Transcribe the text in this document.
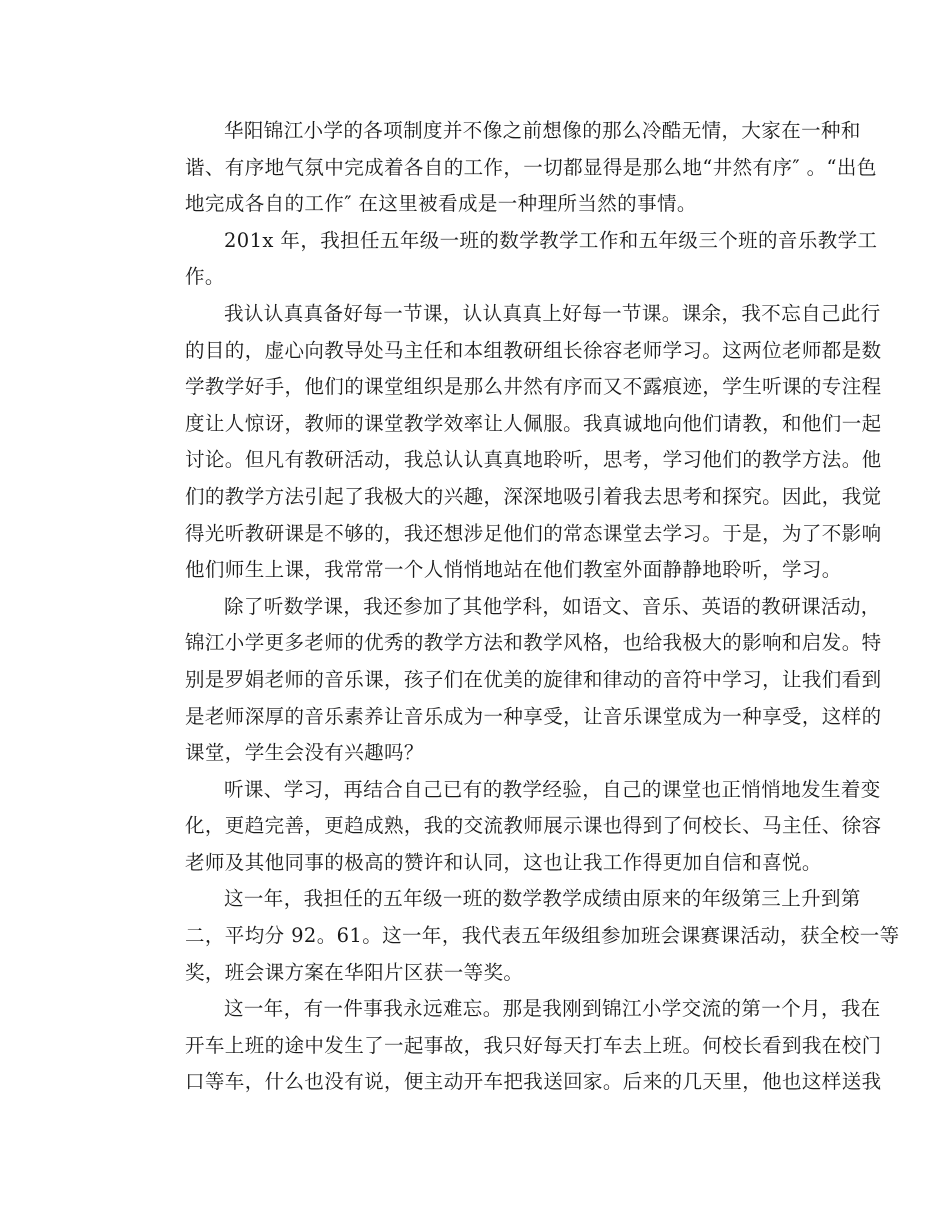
华阳锦江小学的各项制度并不像之前想像的那么冷酷无情，大家在一种和
谐、有序地气氛中完成着各自的工作，一切都显得是那么地“井然有序″ 。“出色
地完成各自的工作″ 在这里被看成是一种理所当然的事情。
201x 年，我担任五年级一班的数学教学工作和五年级三个班的音乐教学工
作。
我认认真真备好每一节课，认认真真上好每一节课。课余，我不忘自己此行
的目的，虚心向教导处马主任和本组教研组长徐容老师学习。这两位老师都是数
学教学好手，他们的课堂组织是那么井然有序而又不露痕迹，学生听课的专注程
度让人惊讶，教师的课堂教学效率让人佩服。我真诚地向他们请教，和他们一起
讨论。但凡有教研活动，我总认认真真地聆听，思考，学习他们的教学方法。他
们的教学方法引起了我极大的兴趣，深深地吸引着我去思考和探究。因此，我觉
得光听教研课是不够的，我还想涉足他们的常态课堂去学习。于是，为了不影响
他们师生上课，我常常一个人悄悄地站在他们教室外面静静地聆听，学习。
除了听数学课，我还参加了其他学科，如语文、音乐、英语的教研课活动，
锦江小学更多老师的优秀的教学方法和教学风格，也给我极大的影响和启发。特
别是罗娟老师的音乐课，孩子们在优美的旋律和律动的音符中学习，让我们看到
是老师深厚的音乐素养让音乐成为一种享受，让音乐课堂成为一种享受，这样的
课堂，学生会没有兴趣吗？
听课、学习，再结合自己已有的教学经验，自己的课堂也正悄悄地发生着变
化，更趋完善，更趋成熟，我的交流教师展示课也得到了何校长、马主任、徐容
老师及其他同事的极高的赞许和认同，这也让我工作得更加自信和喜悦。
这一年，我担任的五年级一班的数学教学成绩由原来的年级第三上升到第
二，平均分 92。61。这一年，我代表五年级组参加班会课赛课活动，获全校一等
奖，班会课方案在华阳片区获一等奖。
这一年，有一件事我永远难忘。那是我刚到锦江小学交流的第一个月，我在
开车上班的途中发生了一起事故，我只好每天打车去上班。何校长看到我在校门
口等车，什么也没有说，便主动开车把我送回家。后来的几天里，他也这样送我
